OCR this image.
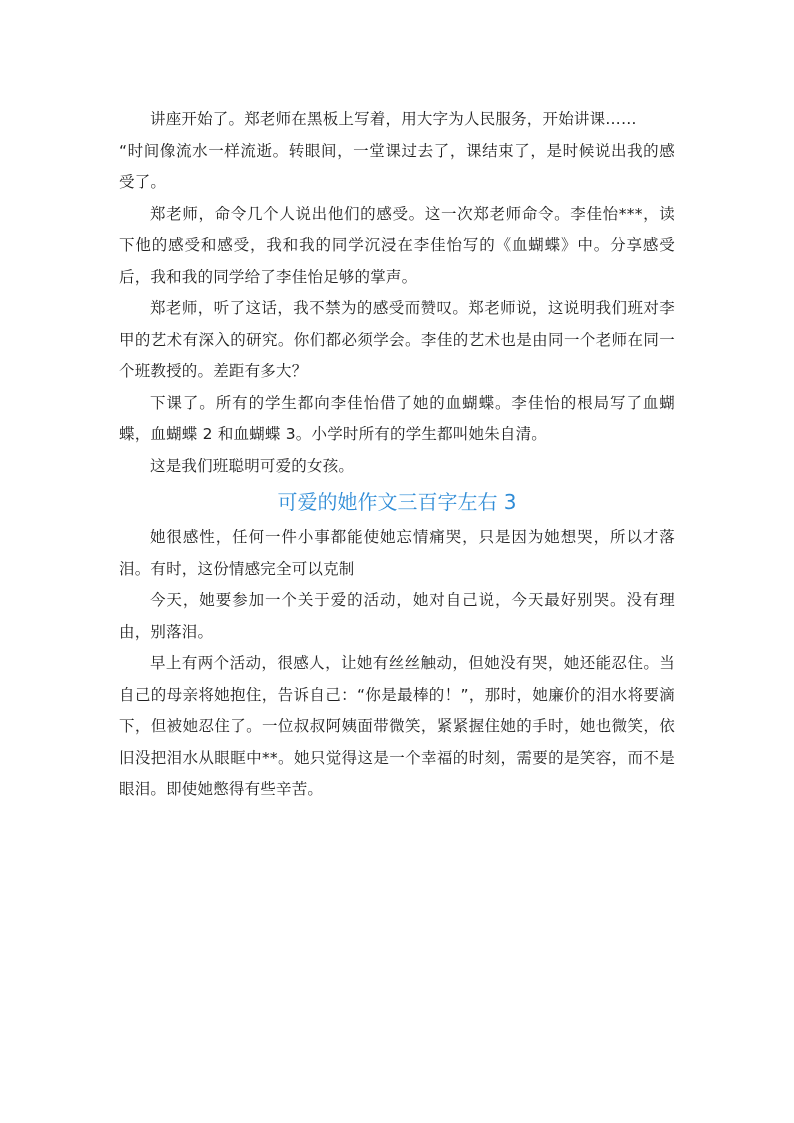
讲座开始了。郑老师在黑板上写着，用大字为人民服务，开始讲课……

“时间像流水一样流逝。转眼间，一堂课过去了，课结束了，是时候说出我的感受了。

郑老师，命令几个人说出他们的感受。这一次郑老师命令。李佳怡***，读下他的感受和感受，我和我的同学沉浸在李佳怡写的《血蝴蝶》中。分享感受后，我和我的同学给了李佳怡足够的掌声。

郑老师，听了这话，我不禁为的感受而赞叹。郑老师说，这说明我们班对李甲的艺术有深入的研究。你们都必须学会。李佳的艺术也是由同一个老师在同一个班教授的。差距有多大？

下课了。所有的学生都向李佳怡借了她的血蝴蝶。李佳怡的根局写了血蝴蝶，血蝴蝶 2 和血蝴蝶 3。小学时所有的学生都叫她朱自清。

这是我们班聪明可爱的女孩。

可爱的她作文三百字左右 3

她很感性，任何一件小事都能使她忘情痛哭，只是因为她想哭，所以才落泪。有时，这份情感完全可以克制

今天，她要参加一个关于爱的活动，她对自己说，今天最好别哭。没有理由，别落泪。

早上有两个活动，很感人，让她有丝丝触动，但她没有哭，她还能忍住。当自己的母亲将她抱住，告诉自己：“你是最棒的！”，那时，她廉价的泪水将要滴下，但被她忍住了。一位叔叔阿姨面带微笑，紧紧握住她的手时，她也微笑，依旧没把泪水从眼眶中**。她只觉得这是一个幸福的时刻，需要的是笑容，而不是眼泪。即使她憋得有些辛苦。
